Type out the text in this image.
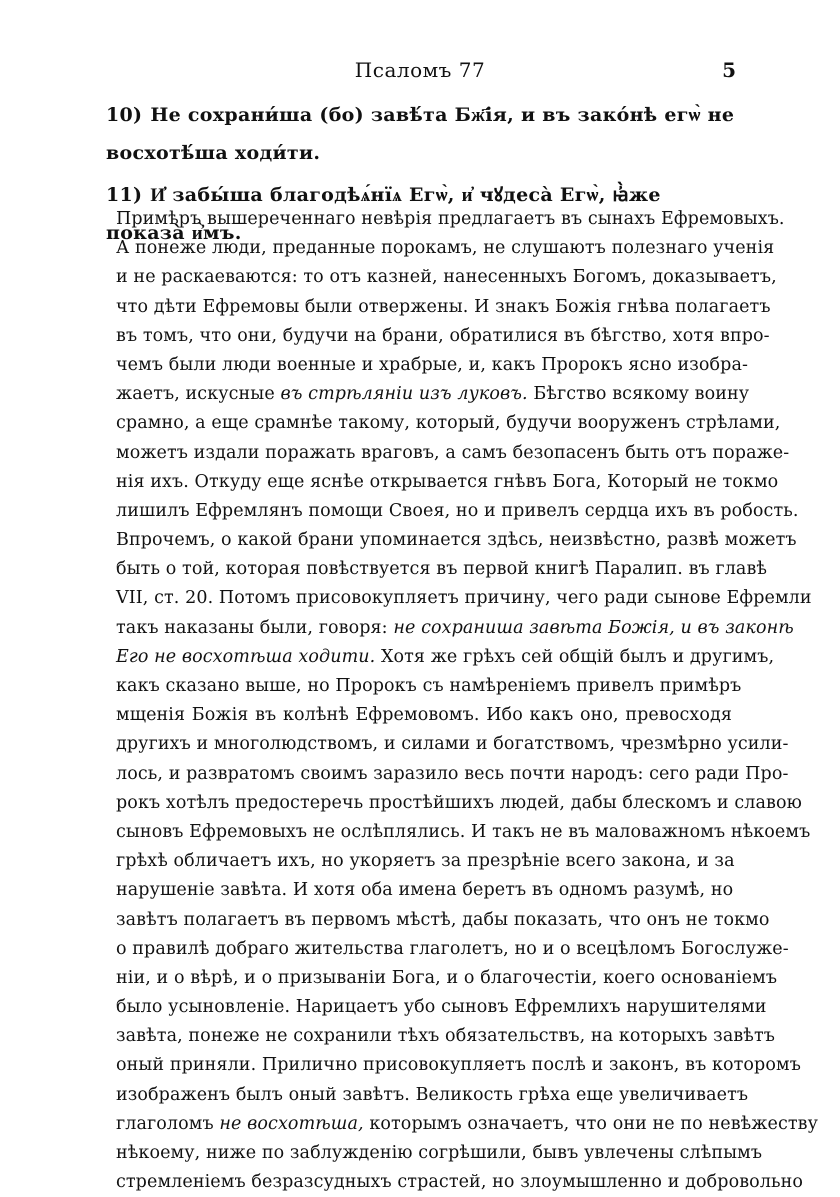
Псаломъ 77	5
10) Не сохрани́ша (бо) завѣ́та Бж҃ія, и въ зако́нѣ егѡ̀ не восхотѣ́ша ходи́ти.
11) И҆ забы́ша благодѣѧ́нїѧ Егѡ̀, и҆ чꙋдеса̀ Егѡ̀, ꙗ҆̀же показа̀ и҆̀мъ.
Примѣръ вышереченнаго невѣрія предлагаетъ въ сынахъ Ефремовыхъ.
А понеже люди, преданные порокамъ, не слушаютъ полезнаго ученія
и не раскаеваются: то отъ казней, нанесенныхъ Богомъ, доказываетъ,
что дѣти Ефремовы были отвержены. И знакъ Божія гнѣва полагаетъ
въ томъ, что они, будучи на брани, обратилися въ бѣгство, хотя впро-
чемъ были люди военные и храбрые, и, какъ Пророкъ ясно изобра-
жаетъ, искусные въ стрѣлянiи изъ луковъ. Бѣгство всякому воину
срамно, а еще срамнѣе такому, который, будучи вооруженъ стрѣлами,
можетъ издали поражать враговъ, а самъ безопасенъ быть отъ пораже-
нія ихъ. Откуду еще яснѣе открывается гнѣвъ Бога, Который не токмо
лишилъ Ефремлянъ помощи Своея, но и привелъ сердца ихъ въ робость.
Впрочемъ, о какой брани упоминается здѣсь, неизвѣстно, развѣ можетъ
быть о той, которая повѣствуется въ первой книгѣ Паралип. въ главѣ
VII, ст. 20. Потомъ присовокупляетъ причину, чего ради сынове Ефремли
такъ наказаны были, говоря: не сохраниша завѣта Божія, и въ законѣ
Его не восхотѣша ходити. Хотя же грѣхъ сей общій былъ и другимъ,
какъ сказано выше, но Пророкъ съ намѣреніемъ привелъ примѣръ
мщенія Божія въ колѣнѣ Ефремовомъ. Ибо какъ оно, превосходя
другихъ и многолюдствомъ, и силами и богатствомъ, чрезмѣрно усили-
лось, и развратомъ своимъ заразило весь почти народъ: сего ради Про-
рокъ хотѣлъ предостеречь простѣйшихъ людей, дабы блескомъ и славою
сыновъ Ефремовыхъ не ослѣплялись. И такъ не въ маловажномъ нѣкоемъ
грѣхѣ обличаетъ ихъ, но укоряетъ за презрѣніе всего закона, и за
нарушеніе завѣта. И хотя оба имена беретъ въ одномъ разумѣ, но
завѣтъ полагаетъ въ первомъ мѣстѣ, дабы показать, что онъ не токмо
о правилѣ добраго жительства глаголетъ, но и о всецѣломъ Богослуже-
ніи, и о вѣрѣ, и о призываніи Бога, и о благочестіи, коего основаніемъ
было усыновленіе. Нарицаетъ убо сыновъ Ефремлихъ нарушителями
завѣта, понеже не сохранили тѣхъ обязательствъ, на которыхъ завѣтъ
оный приняли. Прилично присовокупляетъ послѣ и законъ, въ которомъ
изображенъ былъ оный завѣтъ. Великость грѣха еще увеличиваетъ
глаголомъ не восхотѣша, которымъ означаетъ, что они не по невѣжеству
нѣкоему, ниже по заблужденію согрѣшили, бывъ увлечены слѣпымъ
стремленіемъ безразсудныхъ страстей, но злоумышленно и добровольно
